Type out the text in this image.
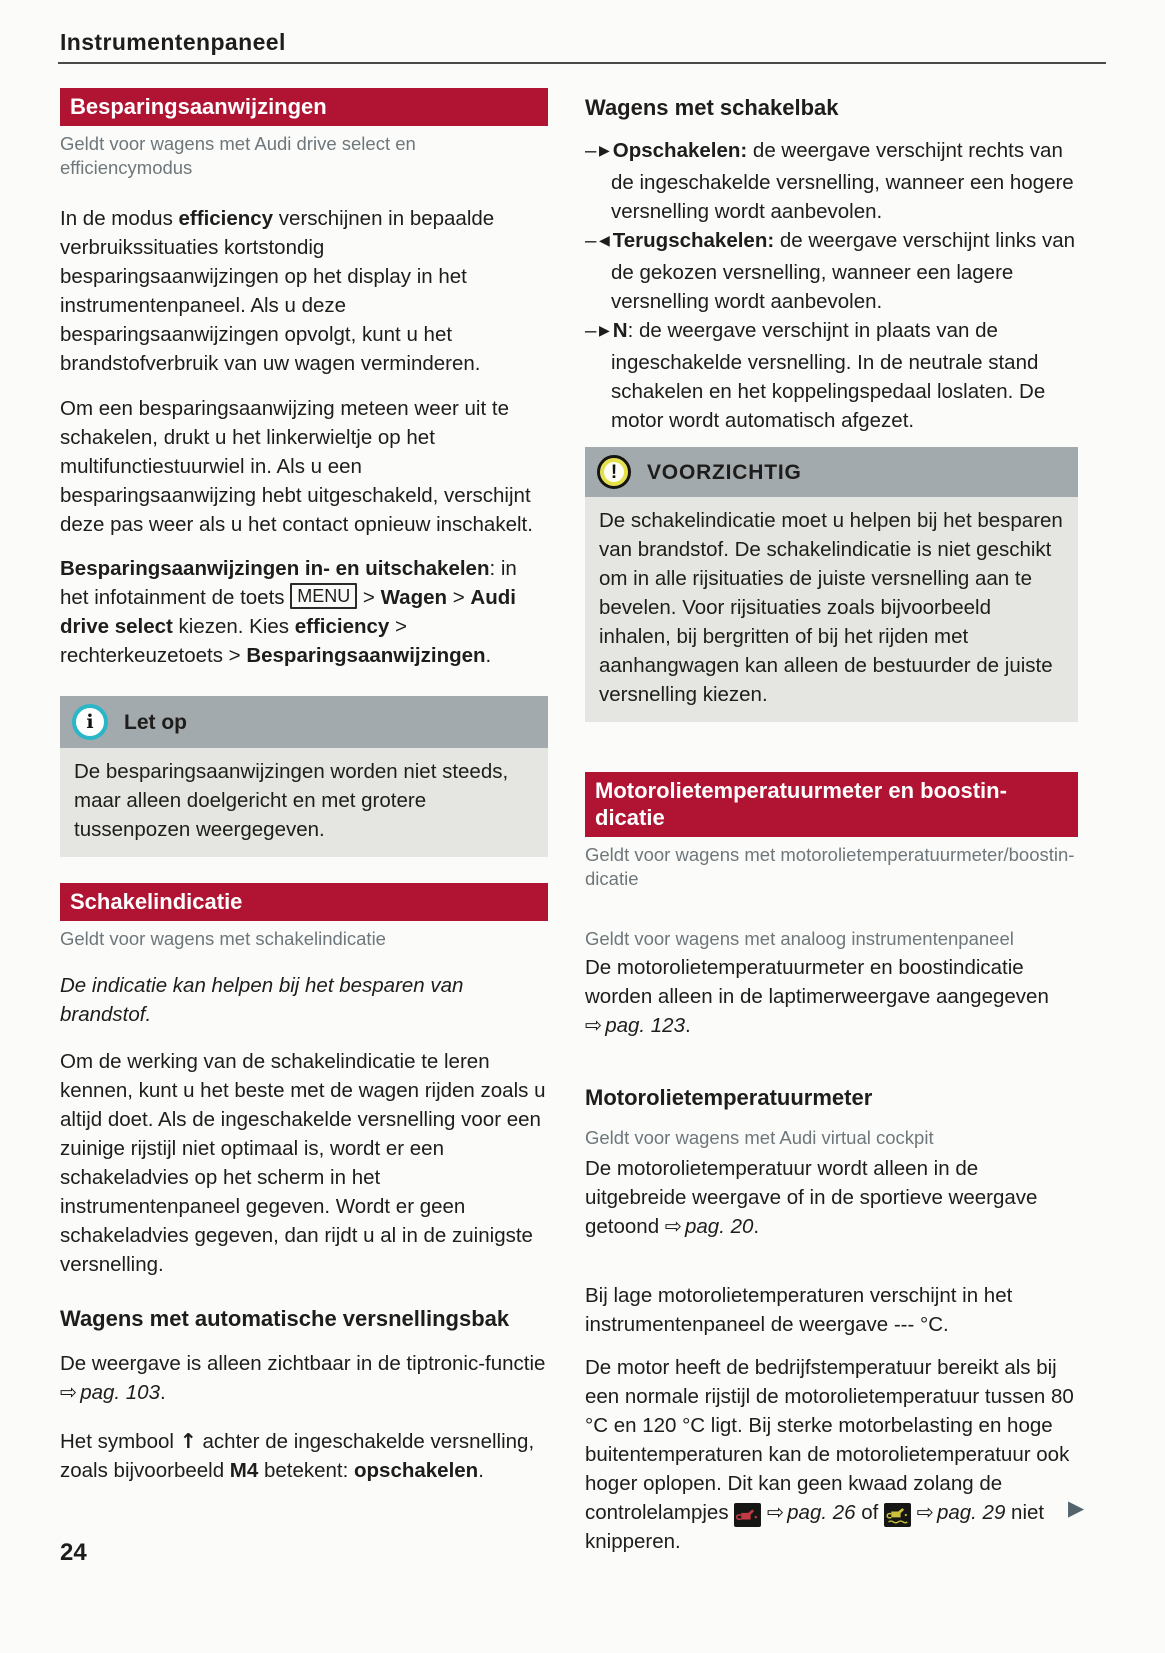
Instrumentenpaneel
Besparingsaanwijzingen
Geldt voor wagens met Audi drive select en efficiencymodus

In de modus efficiency verschijnen in bepaalde verbruikssituaties kortstondig besparingsaanwijzingen op het display in het instrumentenpaneel. Als u deze besparingsaanwijzingen opvolgt, kunt u het brandstofverbruik van uw wagen verminderen.

Om een besparingsaanwijzing meteen weer uit te schakelen, drukt u het linkerwieltje op het multifunctiestuurwiel in. Als u een besparingsaanwijzing hebt uitgeschakeld, verschijnt deze pas weer als u het contact opnieuw inschakelt.

Besparingsaanwijzingen in- en uitschakelen: in het infotainment de toets MENU > Wagen > Audi drive select kiezen. Kies efficiency > rechterkeuzetoets > Besparingsaanwijzingen.

i	Let op
De besparingsaanwijzingen worden niet steeds, maar alleen doelgericht en met grotere tussenpozen weergegeven.
Schakelindicatie
Geldt voor wagens met schakelindicatie

De indicatie kan helpen bij het besparen van brandstof.

Om de werking van de schakelindicatie te leren kennen, kunt u het beste met de wagen rijden zoals u altijd doet. Als de ingeschakelde versnelling voor een zuinige rijstijl niet optimaal is, wordt er een schakeladvies op het scherm in het instrumentenpaneel gegeven. Wordt er geen schakeladvies gegeven, dan rijdt u al in de zuinigste versnelling.

Wagens met automatische versnellingsbak

De weergave is alleen zichtbaar in de tiptronic-functie ⇨ pag. 103.

Het symbool ↑ achter de ingeschakelde versnelling, zoals bijvoorbeeld M4 betekent: opschakelen.

Wagens met schakelbak
– ▶ Opschakelen: de weergave verschijnt rechts van de ingeschakelde versnelling, wanneer een hogere versnelling wordt aanbevolen.
– ◀ Terugschakelen: de weergave verschijnt links van de gekozen versnelling, wanneer een lagere versnelling wordt aanbevolen.
– ▶ N: de weergave verschijnt in plaats van de ingeschakelde versnelling. In de neutrale stand schakelen en het koppelingspedaal loslaten. De motor wordt automatisch afgezet.
!	VOORZICHTIG
De schakelindicatie moet u helpen bij het besparen van brandstof. De schakelindicatie is niet geschikt om in alle rijsituaties de juiste versnelling aan te bevelen. Voor rijsituaties zoals bijvoorbeeld inhalen, bij bergritten of bij het rijden met aanhangwagen kan alleen de bestuurder de juiste versnelling kiezen.
Motorolietemperatuurmeter en boostin-
dicatie
Geldt voor wagens met motorolietemperatuurmeter/boostin-
dicatie
Geldt voor wagens met analoog instrumentenpaneel

De motorolietemperatuurmeter en boostindicatie worden alleen in de laptimerweergave aangegeven ⇨ pag. 123.

Motorolietemperatuurmeter
Geldt voor wagens met Audi virtual cockpit

De motorolietemperatuur wordt alleen in de uitgebreide weergave of in de sportieve weergave getoond ⇨ pag. 20.

Bij lage motorolietemperaturen verschijnt in het instrumentenpaneel de weergave --- °C.

De motor heeft de bedrijfstemperatuur bereikt als bij een normale rijstijl de motorolietemperatuur tussen 80 °C en 120 °C ligt. Bij sterke motorbelasting en hoge buitentemperaturen kan de motorolietemperatuur ook hoger oplopen. Dit kan geen kwaad zolang de controlelampjes
⇨ pag. 26 of
⇨ pag. 29 niet knipperen.

24
▶
